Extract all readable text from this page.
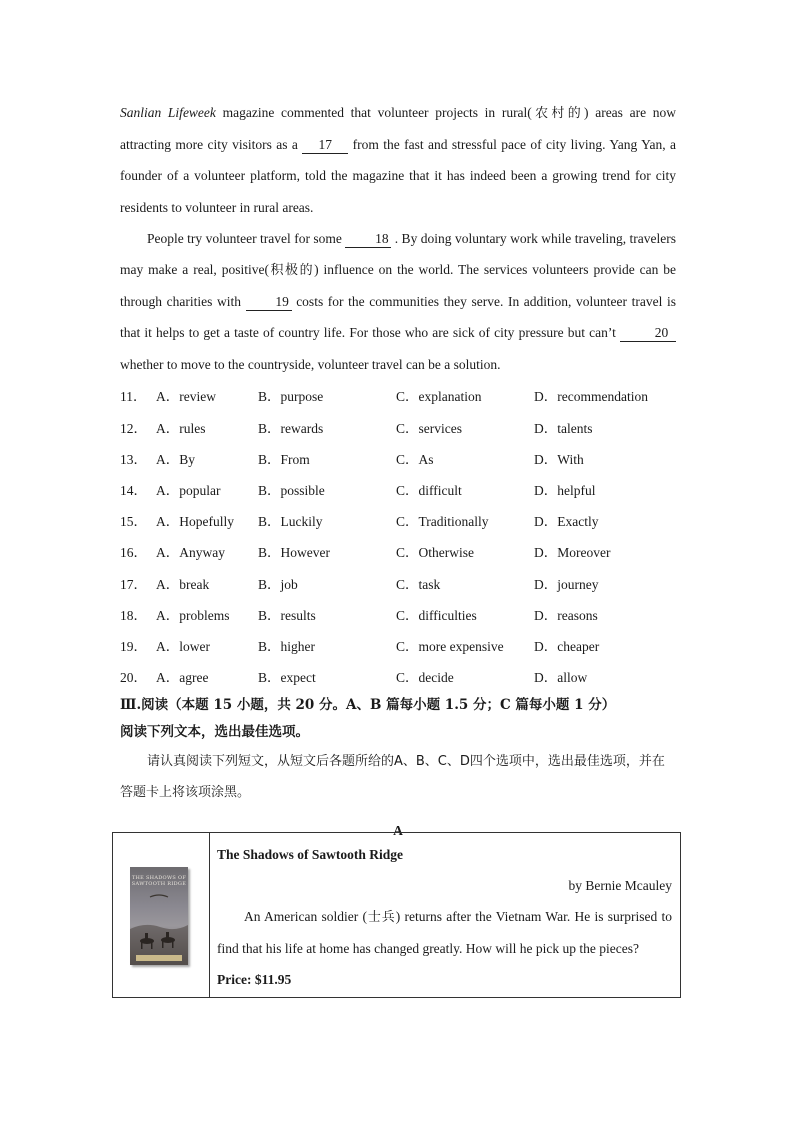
Sanlian Lifeweek magazine commented that volunteer projects in rural(农村的) areas are now attracting more city visitors as a 17 from the fast and stressful pace of city living. Yang Yan, a founder of a volunteer platform, told the magazine that it has indeed been a growing trend for city residents to volunteer in rural areas.

People try volunteer travel for some 18 . By doing voluntary work while traveling, travelers may make a real, positive(积极的) influence on the world. The services volunteers provide can be through charities with 19 costs for the communities they serve. In addition, volunteer travel is that it helps to get a taste of country life. For those who are sick of city pressure but can’t	20 whether to move to the countryside, volunteer travel can be a solution.

11． A．review	B．purpose	C．explanation	D．recommendation
12． A．rules	B．rewards	C．services	D．talents
13． A．By	B．From	C．As	D．With
14． A．popular	B．possible	C．difficult	D．helpful
15． A．Hopefully	B．Luckily	C．Traditionally	D．Exactly
16． A．Anyway	B．However	C．Otherwise	D．Moreover
17． A．break	B．job	C．task	D．journey
18． A．problems	B．results	C．difficulties	D．reasons
19． A．lower	B．higher	C．more expensive	D．cheaper
20． A．agree	B．expect	C．decide	D．allow
Ⅲ.阅读（本题 15 小题，共 20 分。A、B 篇每小题 1.5 分；C 篇每小题 1 分）
阅读下列文本，选出最佳选项。

请认真阅读下列短文，从短文后各题所给的A、B、C、D四个选项中，选出最佳选项，并在答题卡上将该项涂黑。

A
THE SHADOWS OF SAWTOOTH RIDGE
The Shadows of Sawtooth Ridge
by Bernie Mcauley

An American soldier (士兵) returns after the Vietnam War. He is surprised to find that his life at home has changed greatly. How will he pick up the pieces?

Price: $11.95
